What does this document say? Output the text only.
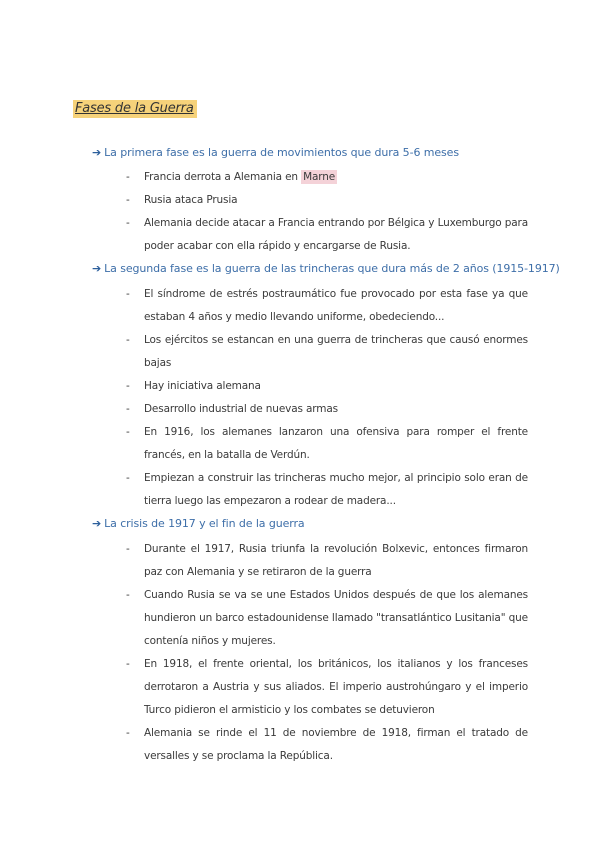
Fases de la Guerra
➔ La primera fase es la guerra de movimientos que dura 5-6 meses
- Francia derrota a Alemania en Marne
- Rusia ataca Prusia
- Alemania decide atacar a Francia entrando por Bélgica y Luxemburgo para poder acabar con ella rápido y encargarse de Rusia.
➔ La segunda fase es la guerra de las trincheras que dura más de 2 años (1915-1917)
- El síndrome de estrés postraumático fue provocado por esta fase ya que estaban 4 años y medio llevando uniforme, obedeciendo...
- Los ejércitos se estancan en una guerra de trincheras que causó enormes bajas
- Hay iniciativa alemana
- Desarrollo industrial de nuevas armas
- En 1916, los alemanes lanzaron una ofensiva para romper el frente francés, en la batalla de Verdún.
- Empiezan a construir las trincheras mucho mejor, al principio solo eran de tierra luego las empezaron a rodear de madera...
➔ La crisis de 1917 y el fin de la guerra
- Durante el 1917, Rusia triunfa la revolución Bolxevic, entonces firmaron paz con Alemania y se retiraron de la guerra
- Cuando Rusia se va se une Estados Unidos después de que los alemanes hundieron un barco estadounidense llamado "transatlántico Lusitania" que contenía niños y mujeres.
- En 1918, el frente oriental, los británicos, los italianos y los franceses derrotaron a Austria y sus aliados. El imperio austrohúngaro y el imperio Turco pidieron el armisticio y los combates se detuvieron
- Alemania se rinde el 11 de noviembre de 1918, firman el tratado de versalles y se proclama la República.
